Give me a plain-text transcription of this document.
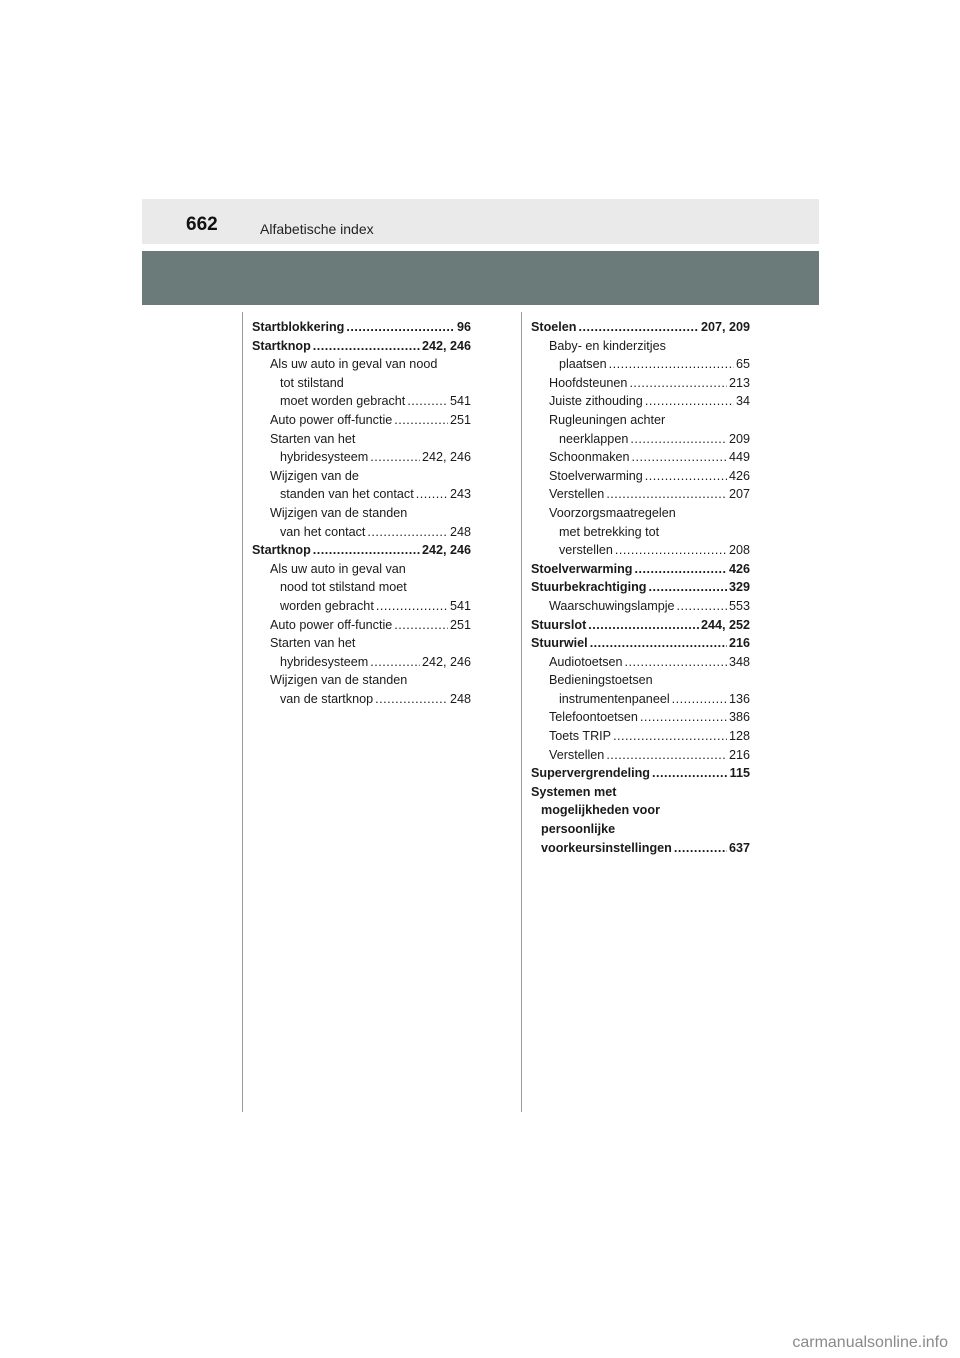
662	Alfabetische index
Startblokkering .....	96
Startknop .....	242, 246
Als uw auto in geval van nood
tot stilstand
moet worden gebracht .....	541
Auto power off-functie .....	251
Starten van het
hybridesysteem .....	242, 246
Wijzigen van de
standen van het contact .....	243
Wijzigen van de standen
van het contact .....	248
Startknop .....	242, 246
Als uw auto in geval van
nood tot stilstand moet
worden gebracht .....	541
Auto power off-functie .....	251
Starten van het
hybridesysteem .....	242, 246
Wijzigen van de standen
van de startknop .....	248
Stoelen .....	207, 209
Baby- en kinderzitjes
plaatsen .....	65
Hoofdsteunen .....	213
Juiste zithouding .....	34
Rugleuningen achter
neerklappen .....	209
Schoonmaken .....	449
Stoelverwarming .....	426
Verstellen .....	207
Voorzorgsmaatregelen
met betrekking tot
verstellen .....	208
Stoelverwarming .....	426
Stuurbekrachtiging .....	329
Waarschuwingslampje .....	553
Stuurslot .....	244, 252
Stuurwiel .....	216
Audiotoetsen .....	348
Bedieningstoetsen
instrumentenpaneel .....	136
Telefoontoetsen .....	386
Toets TRIP .....	128
Verstellen .....	216
Supervergrendeling .....	115
Systemen met
mogelijkheden voor
persoonlijke
voorkeursinstellingen .....	637
carmanualsonline.info
